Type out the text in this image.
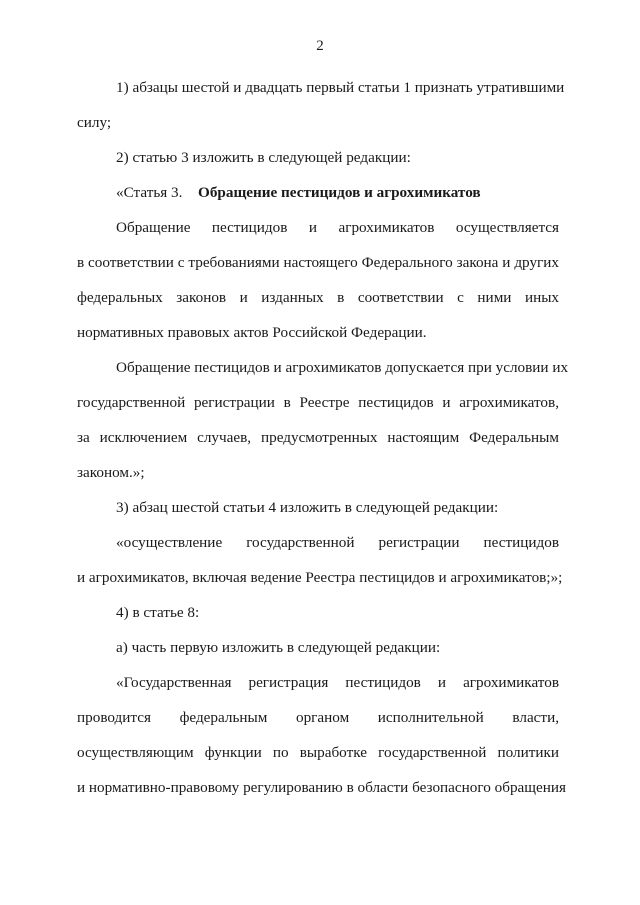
2
1) абзацы шестой и двадцать первый статьи 1 признать утратившими
силу;
2) статью 3 изложить в следующей редакции:
«Статья 3. Обращение пестицидов и агрохимикатов
Обращение пестицидов и агрохимикатов осуществляется
в соответствии с требованиями настоящего Федерального закона и других
федеральных законов и изданных в соответствии с ними иных
нормативных правовых актов Российской Федерации.
Обращение пестицидов и агрохимикатов допускается при условии их
государственной регистрации в Реестре пестицидов и агрохимикатов,
за исключением случаев, предусмотренных настоящим Федеральным
законом.»;
3) абзац шестой статьи 4 изложить в следующей редакции:
«осуществление государственной регистрации пестицидов
и агрохимикатов, включая ведение Реестра пестицидов и агрохимикатов;»;
4) в статье 8:
а) часть первую изложить в следующей редакции:
«Государственная регистрация пестицидов и агрохимикатов
проводится федеральным органом исполнительной власти,
осуществляющим функции по выработке государственной политики
и нормативно-правовому регулированию в области безопасного обращения
